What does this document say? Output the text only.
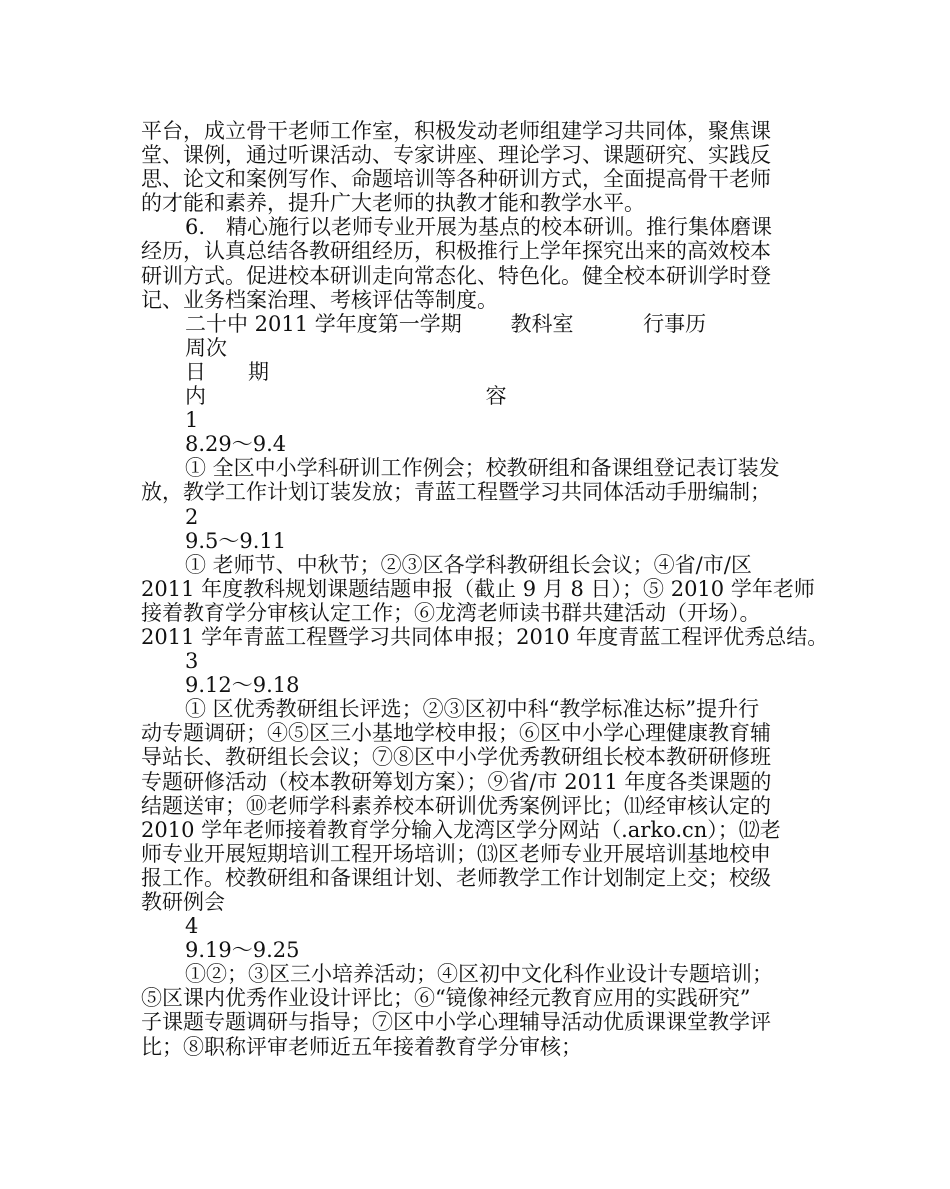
平台，成立骨干老师工作室，积极发动老师组建学习共同体，聚焦课
堂、课例，通过听课活动、专家讲座、理论学习、课题研究、实践反
思、论文和案例写作、命题培训等各种研训方式，全面提高骨干老师
的才能和素养，提升广大老师的执教才能和教学水平。
6.　精心施行以老师专业开展为基点的校本研训。推行集体磨课
经历，认真总结各教研组经历，积极推行上学年探究出来的高效校本
研训方式。促进校本研训走向常态化、特色化。健全校本研训学时登
记、业务档案治理、考核评估等制度。
二十中 2011 学年度第一学期　　 教科室　　　 行事历
周次
日　　期
内　　　　　　　　　　　　　 容
1
8.29～9.4
① 全区中小学科研训工作例会；校教研组和备课组登记表订装发
放，教学工作计划订装发放；青蓝工程暨学习共同体活动手册编制；
2
9.5～9.11
① 老师节、中秋节；②③区各学科教研组长会议；④省/市/区
2011 年度教科规划课题结题申报（截止 9 月 8 日）；⑤ 2010 学年老师
接着教育学分审核认定工作；⑥龙湾老师读书群共建活动（开场）。
2011 学年青蓝工程暨学习共同体申报；2010 年度青蓝工程评优秀总结。
3
9.12～9.18
① 区优秀教研组长评选；②③区初中科“教学标准达标”提升行
动专题调研；④⑤区三小基地学校申报；⑥区中小学心理健康教育辅
导站长、教研组长会议；⑦⑧区中小学优秀教研组长校本教研研修班
专题研修活动（校本教研筹划方案）；⑨省/市 2011 年度各类课题的
结题送审；⑩老师学科素养校本研训优秀案例评比；⑾经审核认定的
2010 学年老师接着教育学分输入龙湾区学分网站（.arko.cn）；⑿老
师专业开展短期培训工程开场培训；⒀区老师专业开展培训基地校申
报工作。校教研组和备课组计划、老师教学工作计划制定上交；校级
教研例会
4
9.19～9.25
①②；③区三小培养活动；④区初中文化科作业设计专题培训；
⑤区课内优秀作业设计评比；⑥“镜像神经元教育应用的实践研究”
子课题专题调研与指导；⑦区中小学心理辅导活动优质课课堂教学评
比；⑧职称评审老师近五年接着教育学分审核；
